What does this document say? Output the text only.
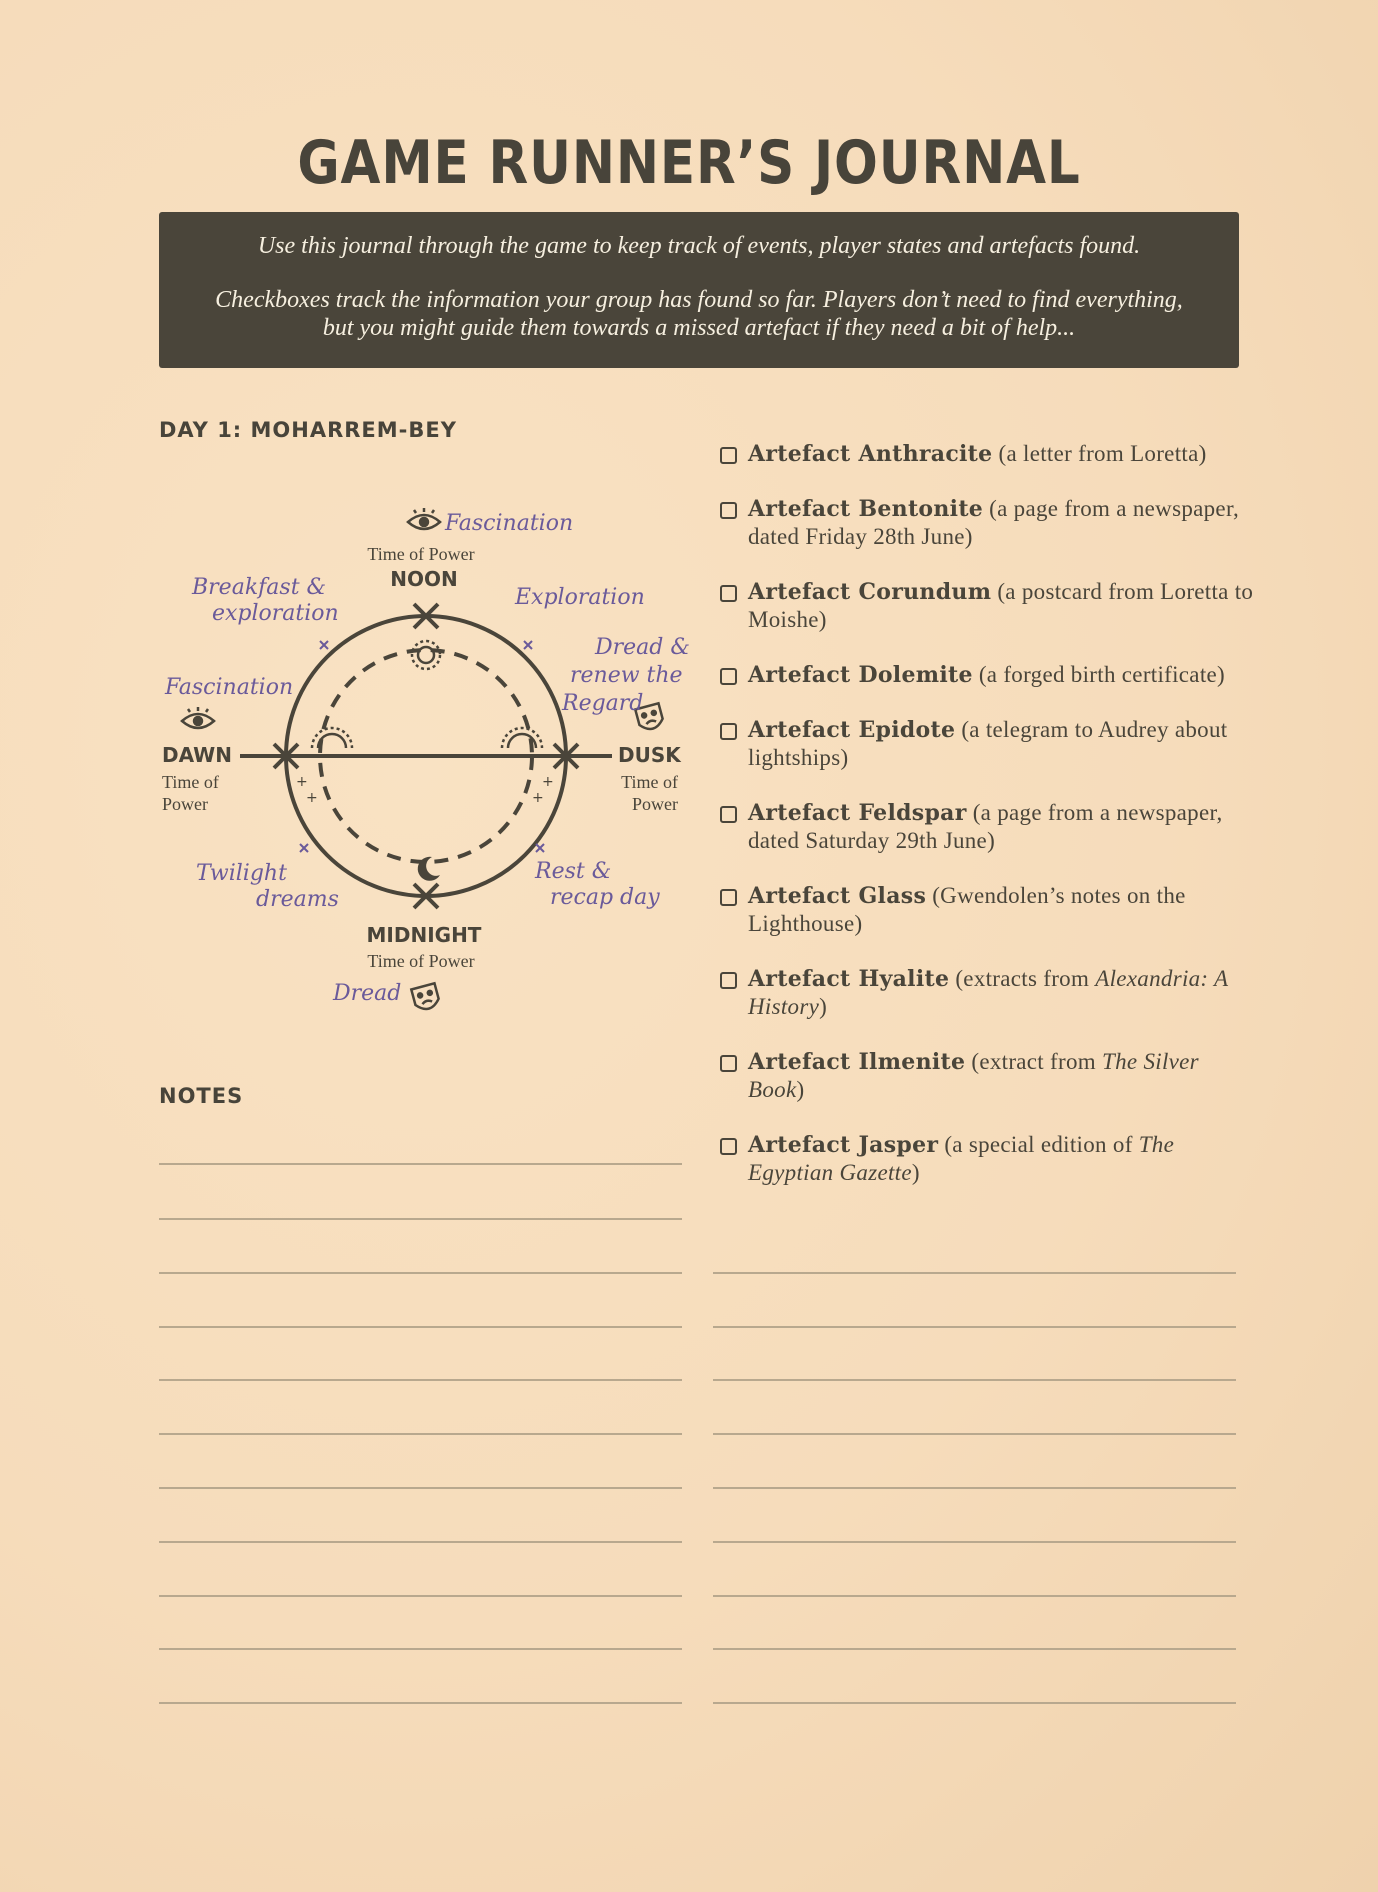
GAME RUNNER’S JOURNAL

Use this journal through the game to keep track of events, player states and artefacts found.

Checkboxes track the information your group has found so far. Players don’t need to find everything, but you might guide them towards a missed artefact if they need a bit of help...

DAY 1: MOHARREM-BEY
+
+
+
+
Time of Power
NOON
MIDNIGHT
Time of Power
DAWN
Time of
Power
DUSK
Time of
Power
Fascination
Breakfast &
exploration
Exploration
Dread &
renew the
Regard
Fascination
Twilight
dreams
Rest &
recap day
Dread
NOTES
Artefact Anthracite (a letter from Loretta)
Artefact Bentonite (a page from a newspaper, dated Friday 28th June)
Artefact Corundum (a postcard from Loretta to Moishe)
Artefact Dolemite (a forged birth certificate)
Artefact Epidote (a telegram to Audrey about lightships)
Artefact Feldspar (a page from a newspaper, dated Saturday 29th June)
Artefact Glass (Gwendolen’s notes on the Lighthouse)
Artefact Hyalite (extracts from Alexandria: A History)
Artefact Ilmenite (extract from The Silver Book)
Artefact Jasper (a special edition of The Egyptian Gazette)
